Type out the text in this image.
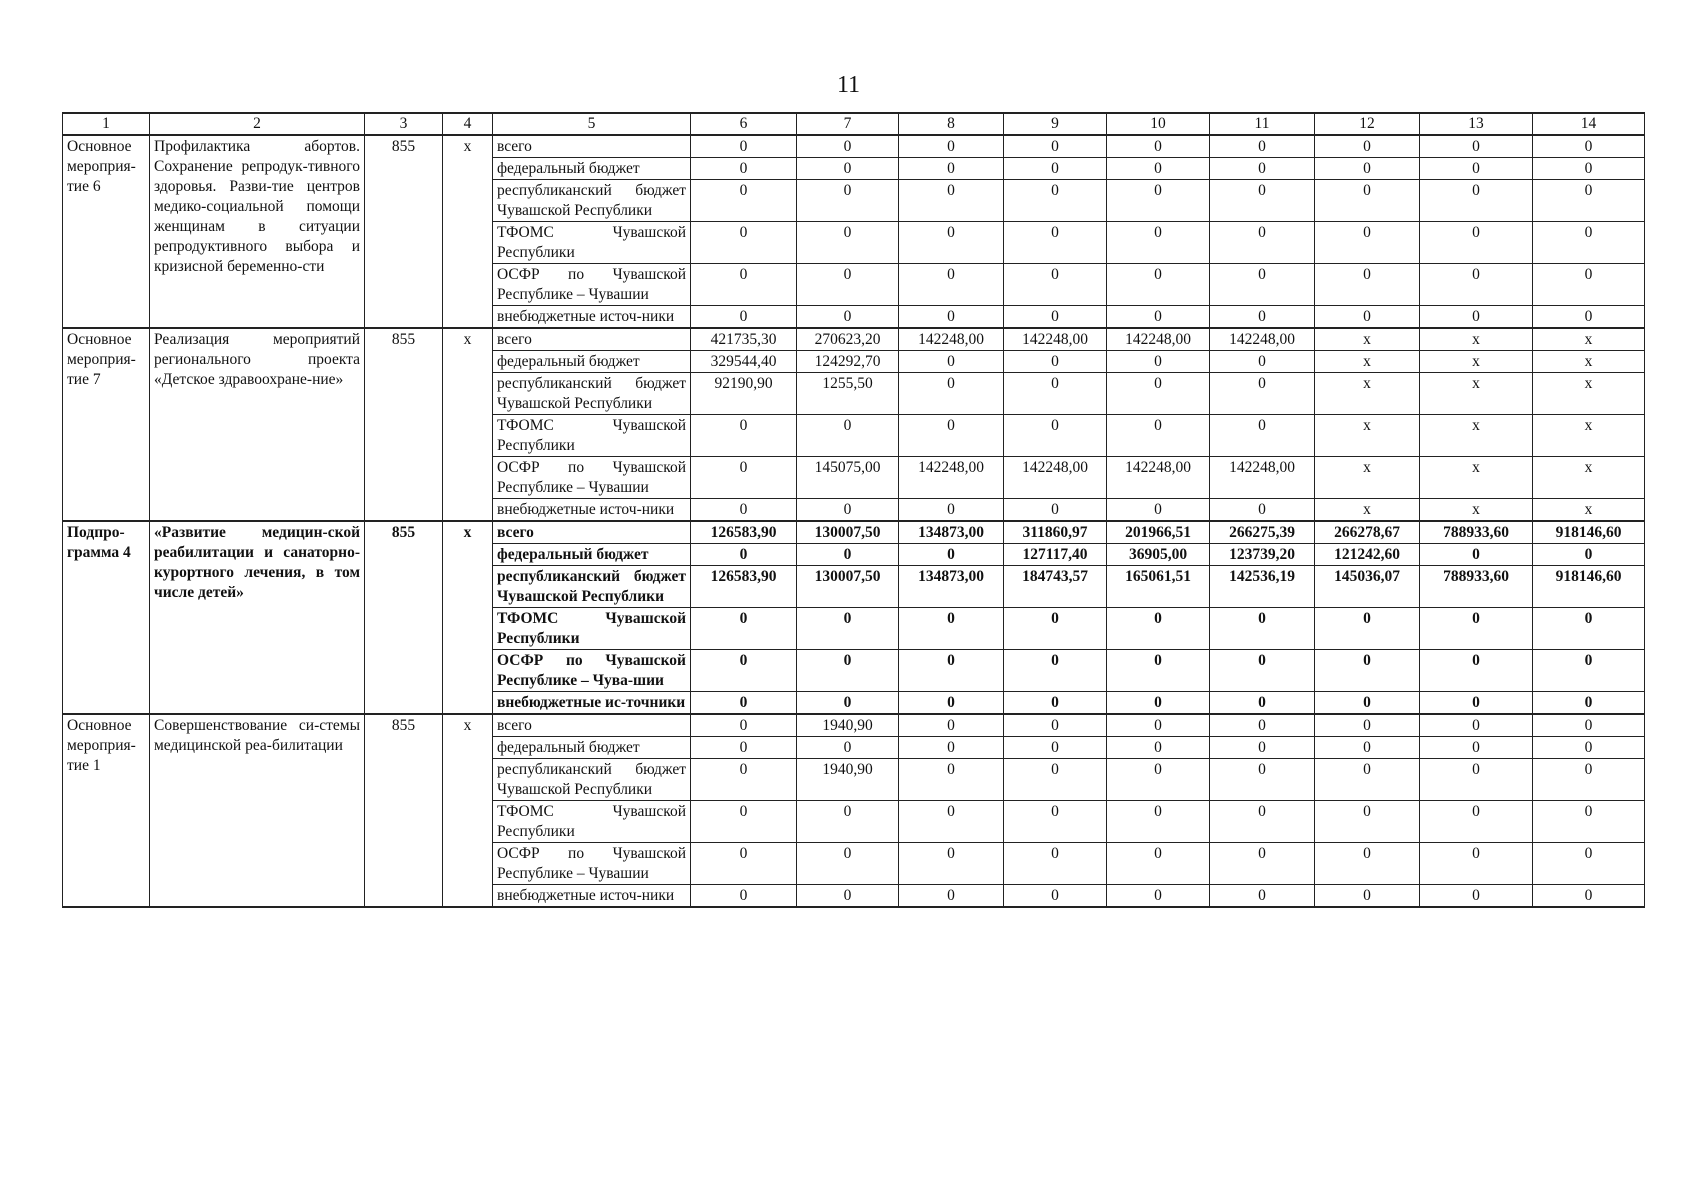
11
1	2	3	4	5	6	7	8	9	10	11	12	13	14
Основное мероприя-тие 6	Профилактика абортов. Сохранение репродук-тивного здоровья. Разви-тие центров медико-социальной помощи женщинам в ситуации репродуктивного выбора и кризисной беременно-сти	855	х	всего	0	0	0	0	0	0	0	0	0
				федеральный бюджет	0	0	0	0	0	0	0	0	0
				республиканский бюджет Чувашской Республики	0	0	0	0	0	0	0	0	0
				ТФОМС Чувашской Республики	0	0	0	0	0	0	0	0	0
				ОСФР по Чувашской Республике – Чувашии	0	0	0	0	0	0	0	0	0
				внебюджетные источ-ники	0	0	0	0	0	0	0	0	0
Основное мероприя-тие 7	Реализация мероприятий регионального проекта «Детское здравоохране-ние»	855	х	всего	421735,30	270623,20	142248,00	142248,00	142248,00	142248,00	х	х	х
				федеральный бюджет	329544,40	124292,70	0	0	0	0	х	х	х
				республиканский бюджет Чувашской Республики	92190,90	1255,50	0	0	0	0	х	х	х
				ТФОМС Чувашской Республики	0	0	0	0	0	0	х	х	х
				ОСФР по Чувашской Республике – Чувашии	0	145075,00	142248,00	142248,00	142248,00	142248,00	х	х	х
				внебюджетные источ-ники	0	0	0	0	0	0	х	х	х
Подпро-грамма 4	«Развитие медицин-ской реабилитации и санаторно-курортного лечения, в том числе детей»	855	х	всего	126583,90	130007,50	134873,00	311860,97	201966,51	266275,39	266278,67	788933,60	918146,60
				федеральный бюджет	0	0	0	127117,40	36905,00	123739,20	121242,60	0	0
				республиканский бюджет Чувашской Республики	126583,90	130007,50	134873,00	184743,57	165061,51	142536,19	145036,07	788933,60	918146,60
				ТФОМС Чувашской Республики	0	0	0	0	0	0	0	0	0
				ОСФР по Чувашской Республике – Чува-шии	0	0	0	0	0	0	0	0	0
				внебюджетные ис-точники	0	0	0	0	0	0	0	0	0
Основное мероприя-тие 1	Совершенствование си-стемы медицинской реа-билитации	855	х	всего	0	1940,90	0	0	0	0	0	0	0
				федеральный бюджет	0	0	0	0	0	0	0	0	0
				республиканский бюджет Чувашской Республики	0	1940,90	0	0	0	0	0	0	0
				ТФОМС Чувашской Республики	0	0	0	0	0	0	0	0	0
				ОСФР по Чувашской Республике – Чувашии	0	0	0	0	0	0	0	0	0
				внебюджетные источ-ники	0	0	0	0	0	0	0	0	0
